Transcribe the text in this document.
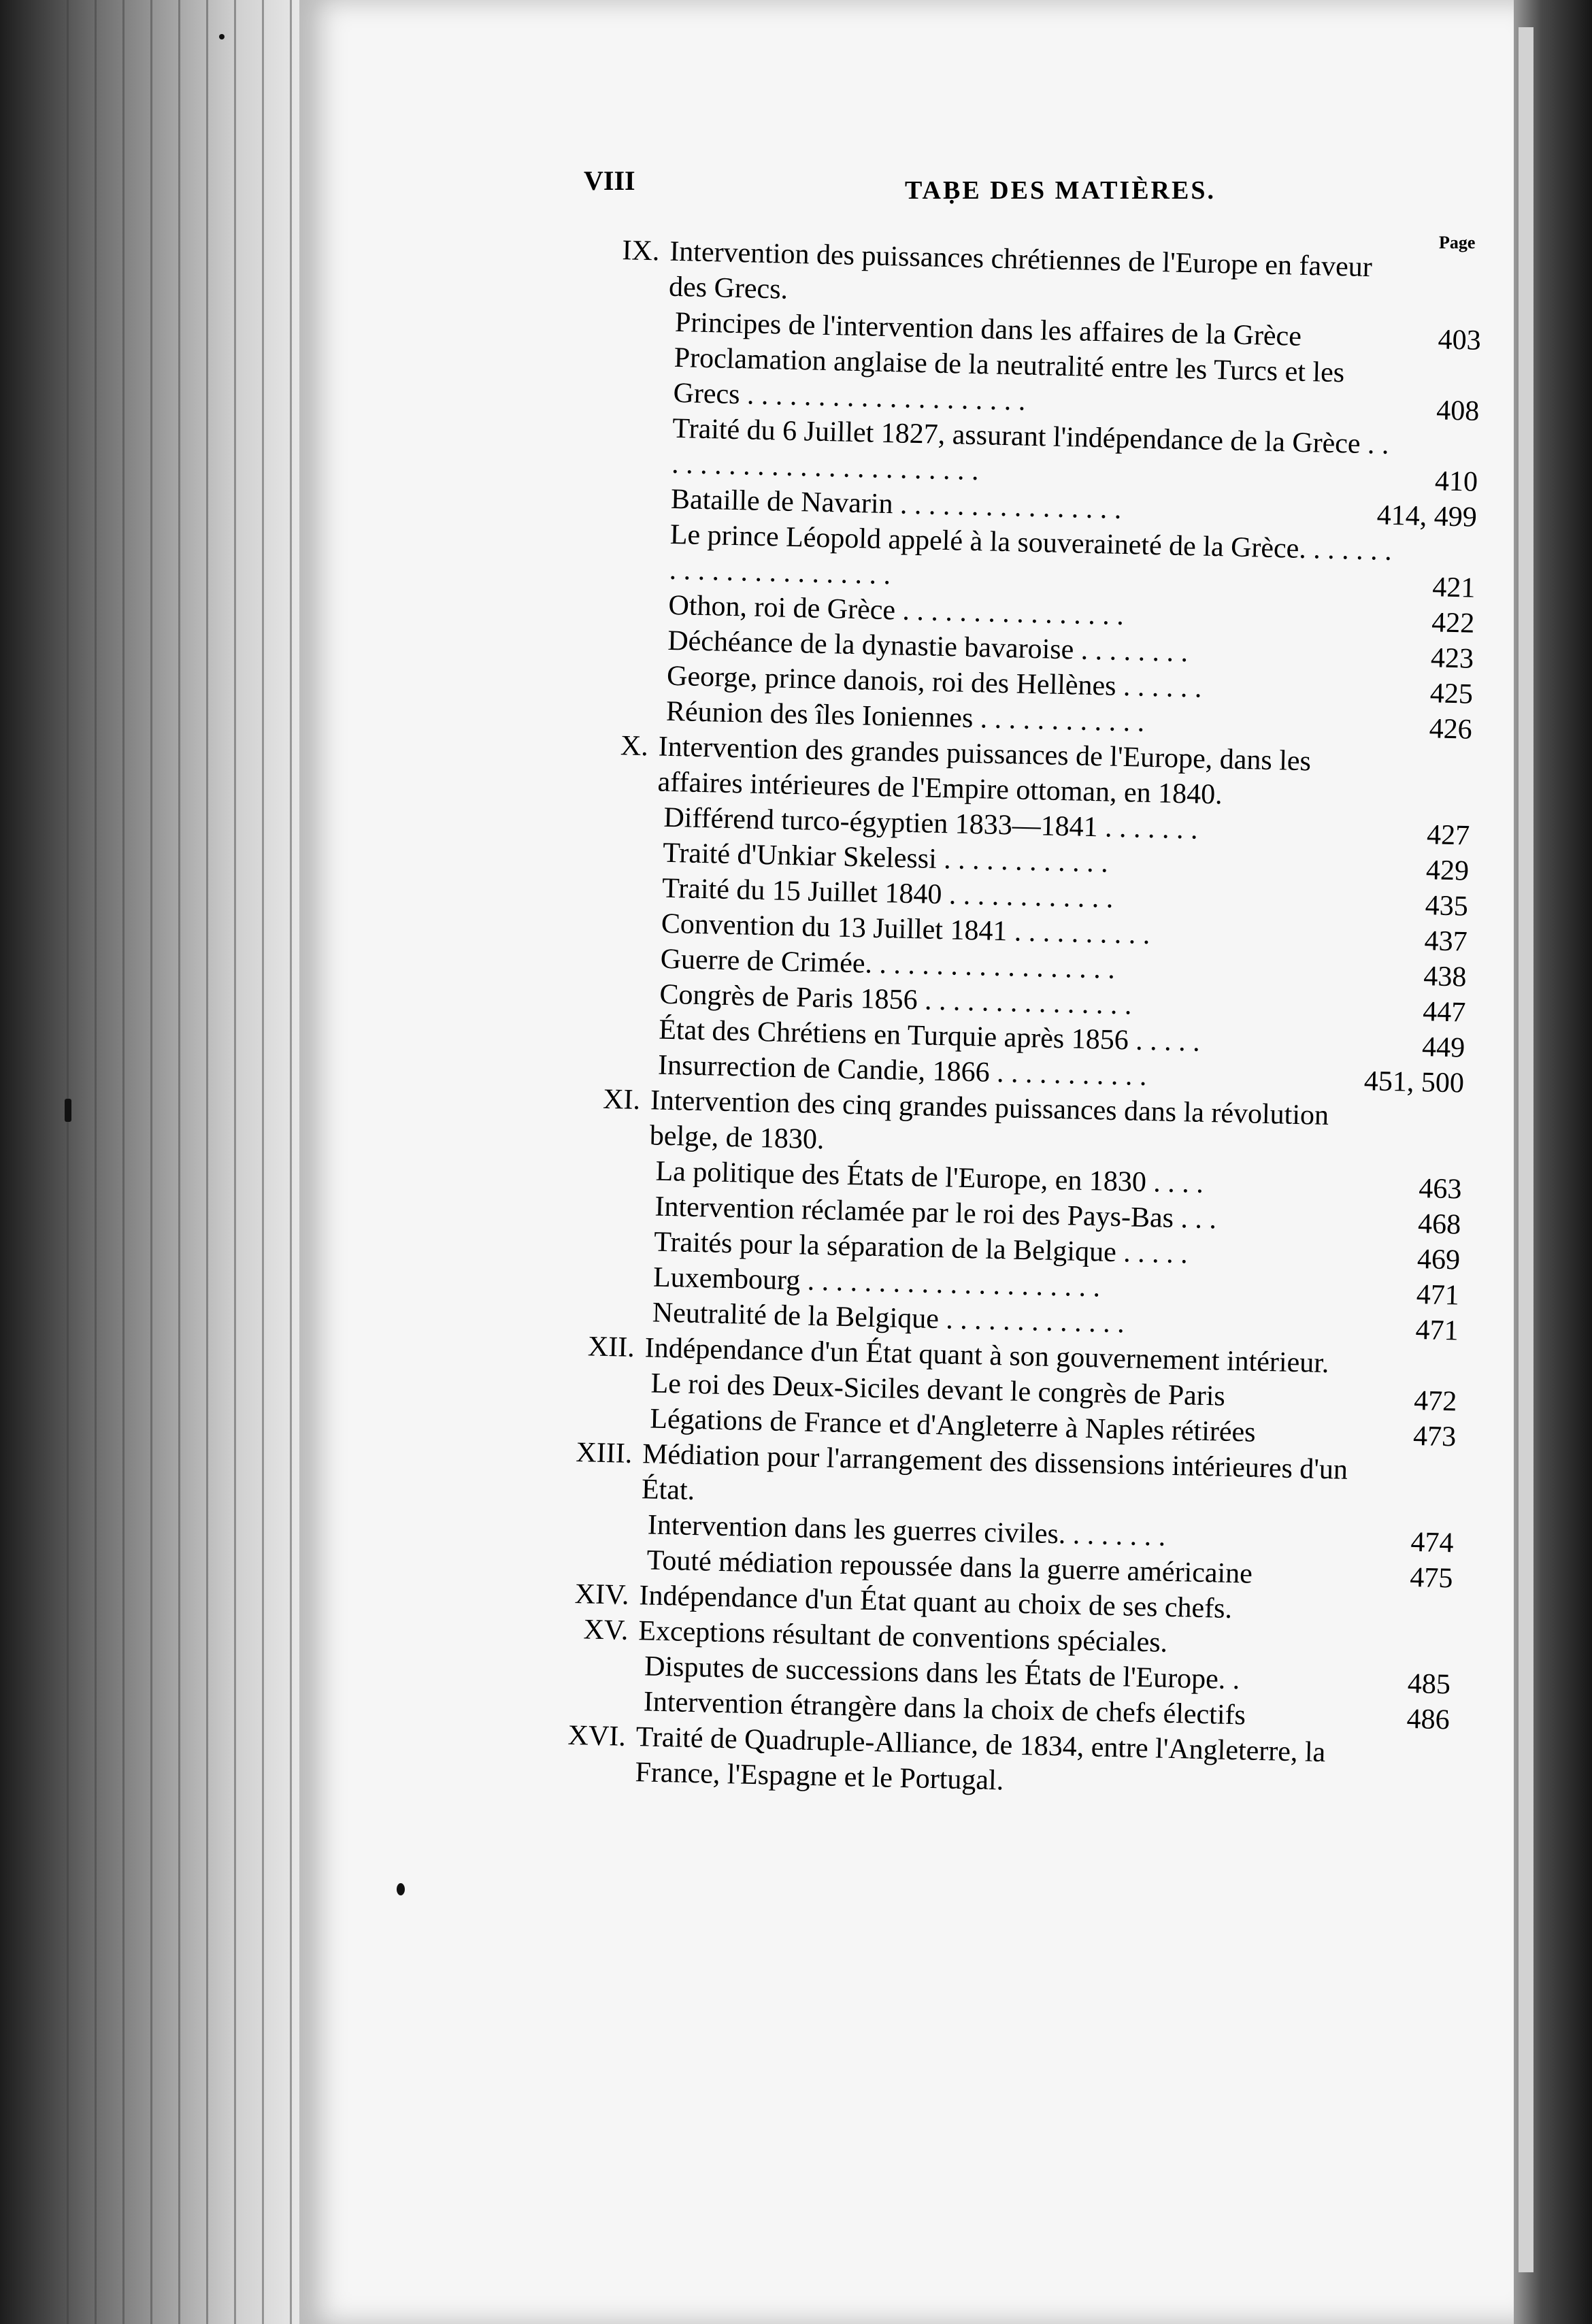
VIII	TAḄE DES MATIÈRES.
Page
IX. Intervention des puissances chrétiennes de l'Europe en faveur des Grecs.
Principes de l'intervention dans les affaires de la Grèce	403
Proclamation anglaise de la neutralité entre les Turcs et les Grecs . . . . . . . . . . . . . . . . . . . .	408
Traité du 6 Juillet 1827, assurant l'indépendance de la Grèce . . . . . . . . . . . . . . . . . . . . . . . .	410
Bataille de Navarin . . . . . . . . . . . . . . . .	414, 499
Le prince Léopold appelé à la souveraineté de la Grèce. . . . . . . . . . . . . . . . . . . . . . .	421
Othon, roi de Grèce . . . . . . . . . . . . . . . .	422
Déchéance de la dynastie bavaroise . . . . . . . .	423
George, prince danois, roi des Hellènes . . . . . .	425
Réunion des îles Ioniennes . . . . . . . . . . . .	426
X. Intervention des grandes puissances de l'Europe, dans les affaires intérieures de l'Empire ottoman, en 1840.
Différend turco-égyptien 1833—1841 . . . . . . .	427
Traité d'Unkiar Skelessi . . . . . . . . . . . .	429
Traité du 15 Juillet 1840 . . . . . . . . . . . .	435
Convention du 13 Juillet 1841 . . . . . . . . . .	437
Guerre de Crimée. . . . . . . . . . . . . . . . . .	438
Congrès de Paris 1856 . . . . . . . . . . . . . . .	447
État des Chrétiens en Turquie après 1856 . . . . .	449
Insurrection de Candie, 1866 . . . . . . . . . . .	451, 500
XI. Intervention des cinq grandes puissances dans la révolution belge, de 1830.
La politique des États de l'Europe, en 1830 . . . .	463
Intervention réclamée par le roi des Pays-Bas . . .	468
Traités pour la séparation de la Belgique . . . . .	469
Luxembourg . . . . . . . . . . . . . . . . . . . . .	471
Neutralité de la Belgique . . . . . . . . . . . . .	471
XII. Indépendance d'un État quant à son gouvernement intérieur.
Le roi des Deux-Siciles devant le congrès de Paris	472
Légations de France et d'Angleterre à Naples rétirées	473
XIII. Médiation pour l'arrangement des dissensions intérieures d'un État.
Intervention dans les guerres civiles. . . . . . . .	474
Touté médiation repoussée dans la guerre américaine	475
XIV. Indépendance d'un État quant au choix de ses chefs.
XV. Exceptions résultant de conventions spéciales.
Disputes de successions dans les États de l'Europe. .	485
Intervention étrangère dans la choix de chefs électifs	486
XVI. Traité de Quadruple-Alliance, de 1834, entre l'Angleterre, la France, l'Espagne et le Portugal.
